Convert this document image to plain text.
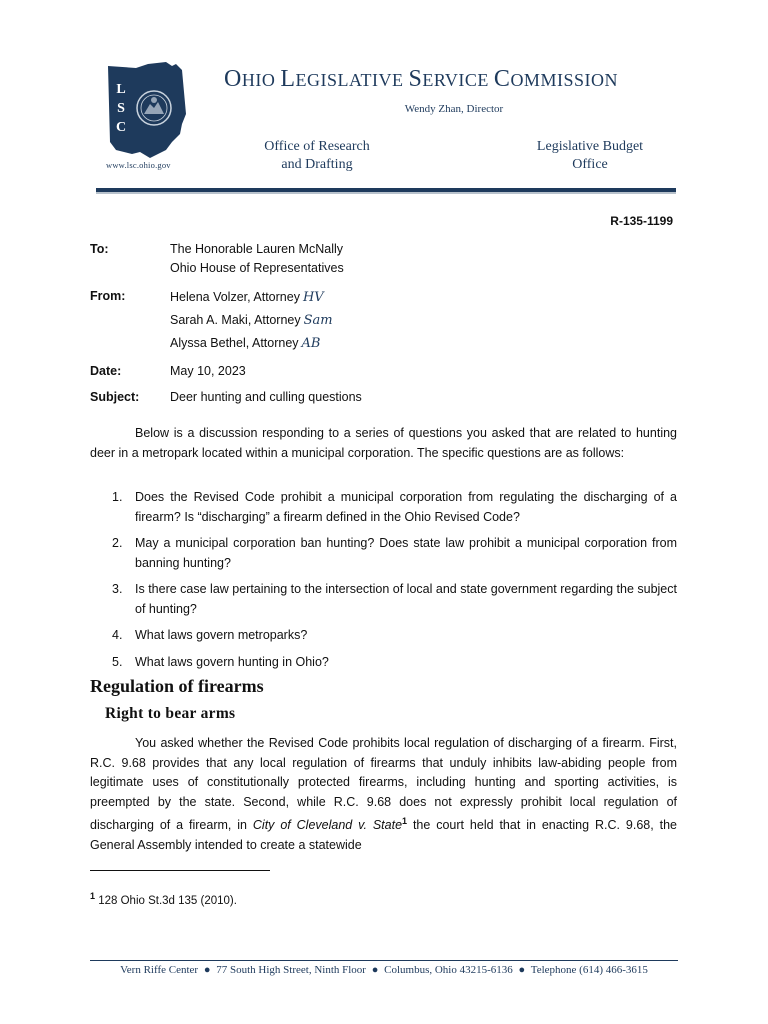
L
S
C
www.lsc.ohio.gov
OHIO LEGISLATIVE SERVICE COMMISSION
Wendy Zhan, Director
Office of Research
and Drafting
Legislative Budget
Office
R-135-1199
To:	The Honorable Lauren McNally
Ohio House of Representatives
From:	Helena Volzer, Attorney HV
Sarah A. Maki, Attorney Sam
Alyssa Bethel, Attorney AB
Date:	May 10, 2023
Subject: Deer hunting and culling questions
Below is a discussion responding to a series of questions you asked that are related to hunting deer in a metropark located within a municipal corporation. The specific questions are as follows:
1. Does the Revised Code prohibit a municipal corporation from regulating the discharging of a firearm? Is “discharging” a firearm defined in the Ohio Revised Code?
2. May a municipal corporation ban hunting? Does state law prohibit a municipal corporation from banning hunting?
3. Is there case law pertaining to the intersection of local and state government regarding the subject of hunting?
4. What laws govern metroparks?
5. What laws govern hunting in Ohio?
Regulation of firearms
Right to bear arms
You asked whether the Revised Code prohibits local regulation of discharging of a firearm. First, R.C. 9.68 provides that any local regulation of firearms that unduly inhibits law-abiding people from legitimate uses of constitutionally protected firearms, including hunting and sporting activities, is preempted by the state. Second, while R.C. 9.68 does not expressly prohibit local regulation of discharging of a firearm, in City of Cleveland v. State$^1$ the court held that in enacting R.C. 9.68, the General Assembly intended to create a statewide
$^1$ 128 Ohio St.3d 135 (2010).
Vern Riffe Center ● 77 South High Street, Ninth Floor ● Columbus, Ohio 43215-6136 ● Telephone (614) 466-3615
